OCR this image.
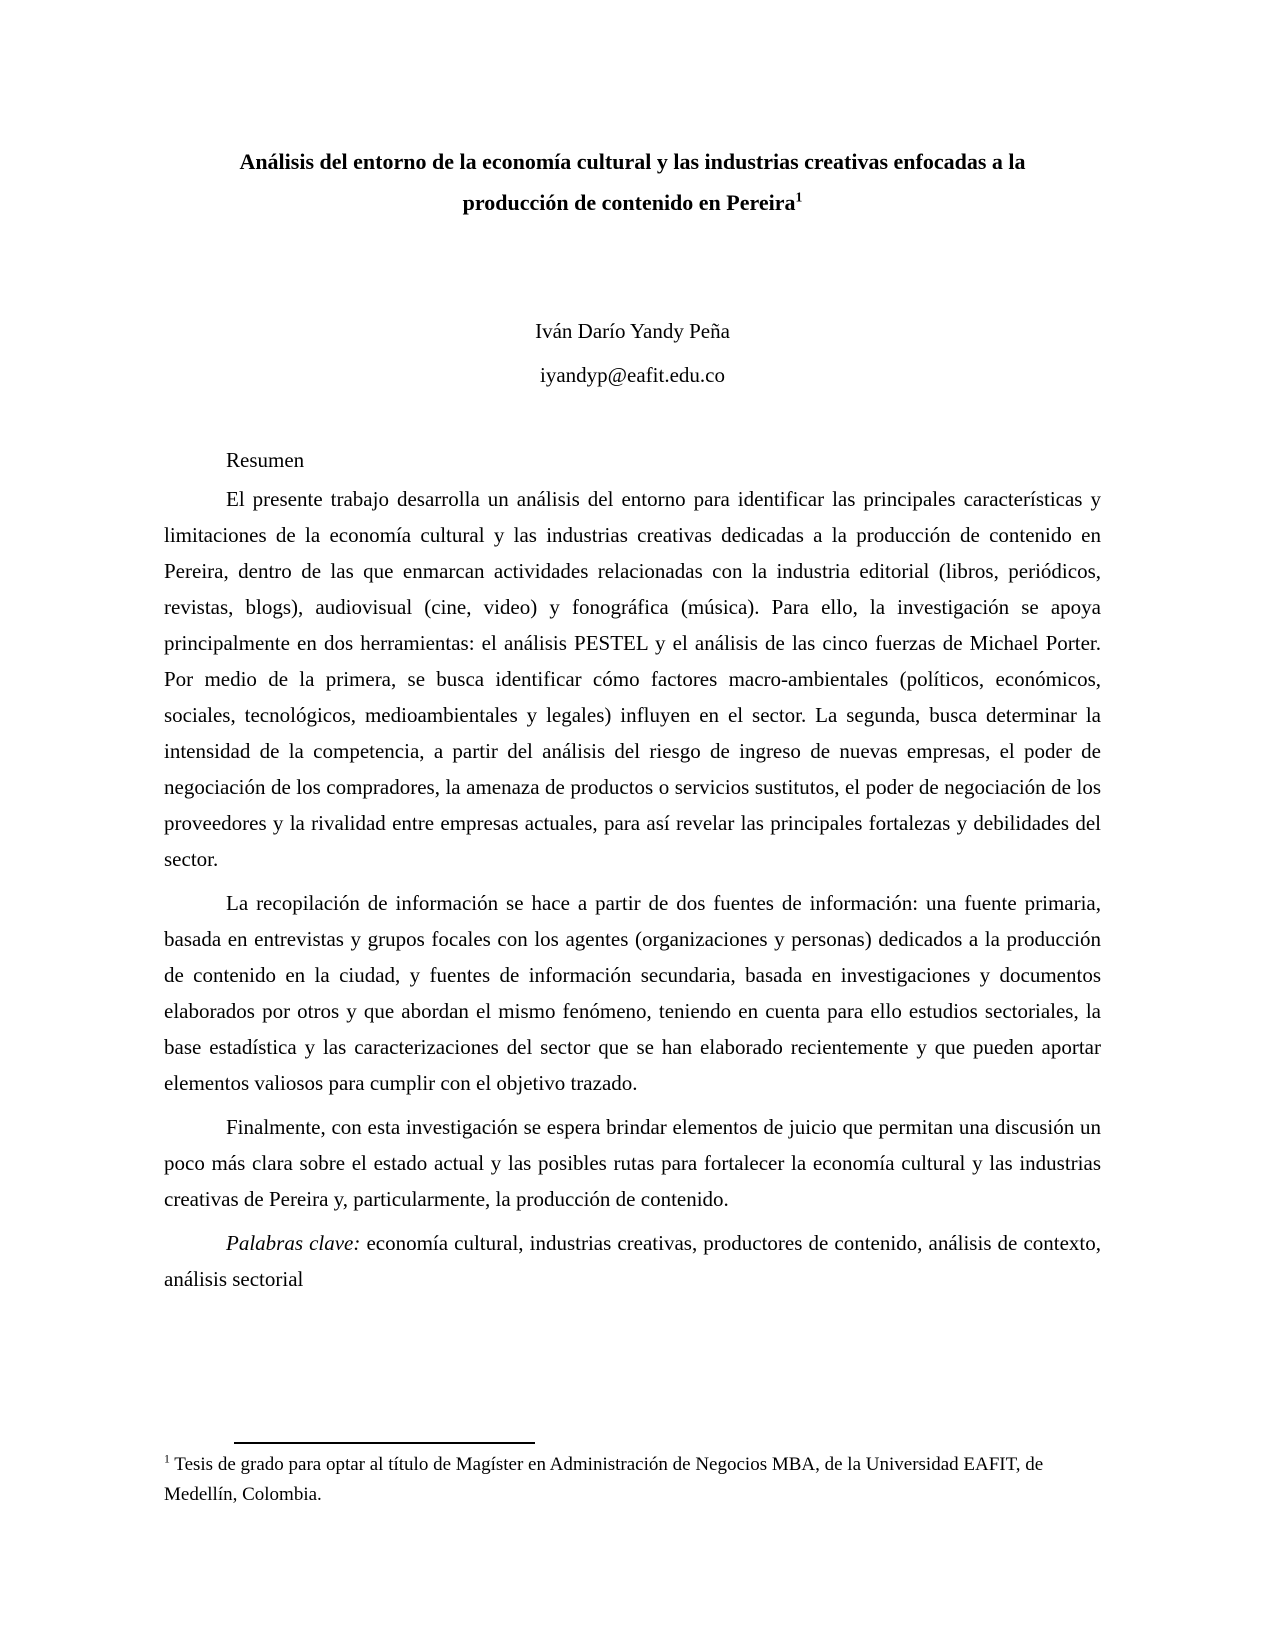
Análisis del entorno de la economía cultural y las industrias creativas enfocadas a la
producción de contenido en Pereira$^1$
Iván Darío Yandy Peña
iyandyp@eafit.edu.co
Resumen

El presente trabajo desarrolla un análisis del entorno para identificar las principales características y limitaciones de la economía cultural y las industrias creativas dedicadas a la producción de contenido en Pereira, dentro de las que enmarcan actividades relacionadas con la industria editorial (libros, periódicos, revistas, blogs), audiovisual (cine, video) y fonográfica (música). Para ello, la investigación se apoya principalmente en dos herramientas: el análisis PESTEL y el análisis de las cinco fuerzas de Michael Porter. Por medio de la primera, se busca identificar cómo factores macro-ambientales (políticos, económicos, sociales, tecnológicos, medioambientales y legales) influyen en el sector. La segunda, busca determinar la intensidad de la competencia, a partir del análisis del riesgo de ingreso de nuevas empresas, el poder de negociación de los compradores, la amenaza de productos o servicios sustitutos, el poder de negociación de los proveedores y la rivalidad entre empresas actuales, para así revelar las principales fortalezas y debilidades del sector.

La recopilación de información se hace a partir de dos fuentes de información: una fuente primaria, basada en entrevistas y grupos focales con los agentes (organizaciones y personas) dedicados a la producción de contenido en la ciudad, y fuentes de información secundaria, basada en investigaciones y documentos elaborados por otros y que abordan el mismo fenómeno, teniendo en cuenta para ello estudios sectoriales, la base estadística y las caracterizaciones del sector que se han elaborado recientemente y que pueden aportar elementos valiosos para cumplir con el objetivo trazado.

Finalmente, con esta investigación se espera brindar elementos de juicio que permitan una discusión un poco más clara sobre el estado actual y las posibles rutas para fortalecer la economía cultural y las industrias creativas de Pereira y, particularmente, la producción de contenido.

Palabras clave: economía cultural, industrias creativas, productores de contenido, análisis de contexto, análisis sectorial

$^1$ Tesis de grado para optar al título de Magíster en Administración de Negocios MBA, de la Universidad EAFIT, de Medellín, Colombia.
